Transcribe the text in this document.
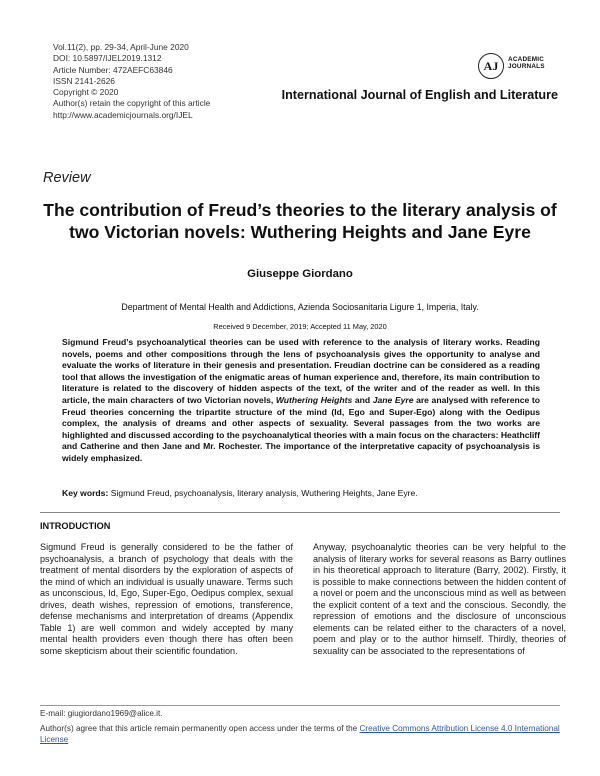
Vol.11(2), pp. 29-34, April-June 2020
DOI: 10.5897/IJEL2019.1312
Article Number: 472AEFC63846
ISSN 2141-2626
Copyright © 2020
Author(s) retain the copyright of this article
http://www.academicjournals.org/IJEL
AJ	ACADEMIC
JOURNALS
International Journal of English and Literature
Review
The contribution of Freud’s theories to the literary analysis of two Victorian novels: Wuthering Heights and Jane Eyre
Giuseppe Giordano
Department of Mental Health and Addictions, Azienda Sociosanitaria Ligure 1, Imperia, Italy.
Received 9 December, 2019; Accepted 11 May, 2020
Sigmund Freud’s psychoanalytical theories can be used with reference to the analysis of literary works. Reading novels, poems and other compositions through the lens of psychoanalysis gives the opportunity to analyse and evaluate the works of literature in their genesis and presentation. Freudian doctrine can be considered as a reading tool that allows the investigation of the enigmatic areas of human experience and, therefore, its main contribution to literature is related to the discovery of hidden aspects of the text, of the writer and of the reader as well. In this article, the main characters of two Victorian novels, Wuthering Heights and Jane Eyre are analysed with reference to Freud theories concerning the tripartite structure of the mind (Id, Ego and Super-Ego) along with the Oedipus complex, the analysis of dreams and other aspects of sexuality. Several passages from the two works are highlighted and discussed according to the psychoanalytical theories with a main focus on the characters: Heathcliff and Catherine and then Jane and Mr. Rochester. The importance of the interpretative capacity of psychoanalysis is widely emphasized.
Key words: Sigmund Freud, psychoanalysis, literary analysis, Wuthering Heights, Jane Eyre.
INTRODUCTION
Sigmund Freud is generally considered to be the father of psychoanalysis, a branch of psychology that deals with the treatment of mental disorders by the exploration of aspects of the mind of which an individual is usually unaware. Terms such as unconscious, Id, Ego, Super-Ego, Oedipus complex, sexual drives, death wishes, repression of emotions, transference, defense mechanisms and interpretation of dreams (Appendix Table 1) are well common and widely accepted by many mental health providers even though there has often been some skepticism about their scientific foundation.
Anyway, psychoanalytic theories can be very helpful to the analysis of literary works for several reasons as Barry outlines in his theoretical approach to literature (Barry, 2002). Firstly, it is possible to make connections between the hidden content of a novel or poem and the unconscious mind as well as between the explicit content of a text and the conscious. Secondly, the repression of emotions and the disclosure of unconscious elements can be related either to the characters of a novel, poem and play or to the author himself. Thirdly, theories of sexuality can be associated to the representations of
E-mail: giugiordano1969@alice.it.
Author(s) agree that this article remain permanently open access under the terms of the Creative Commons Attribution License 4.0 International License
